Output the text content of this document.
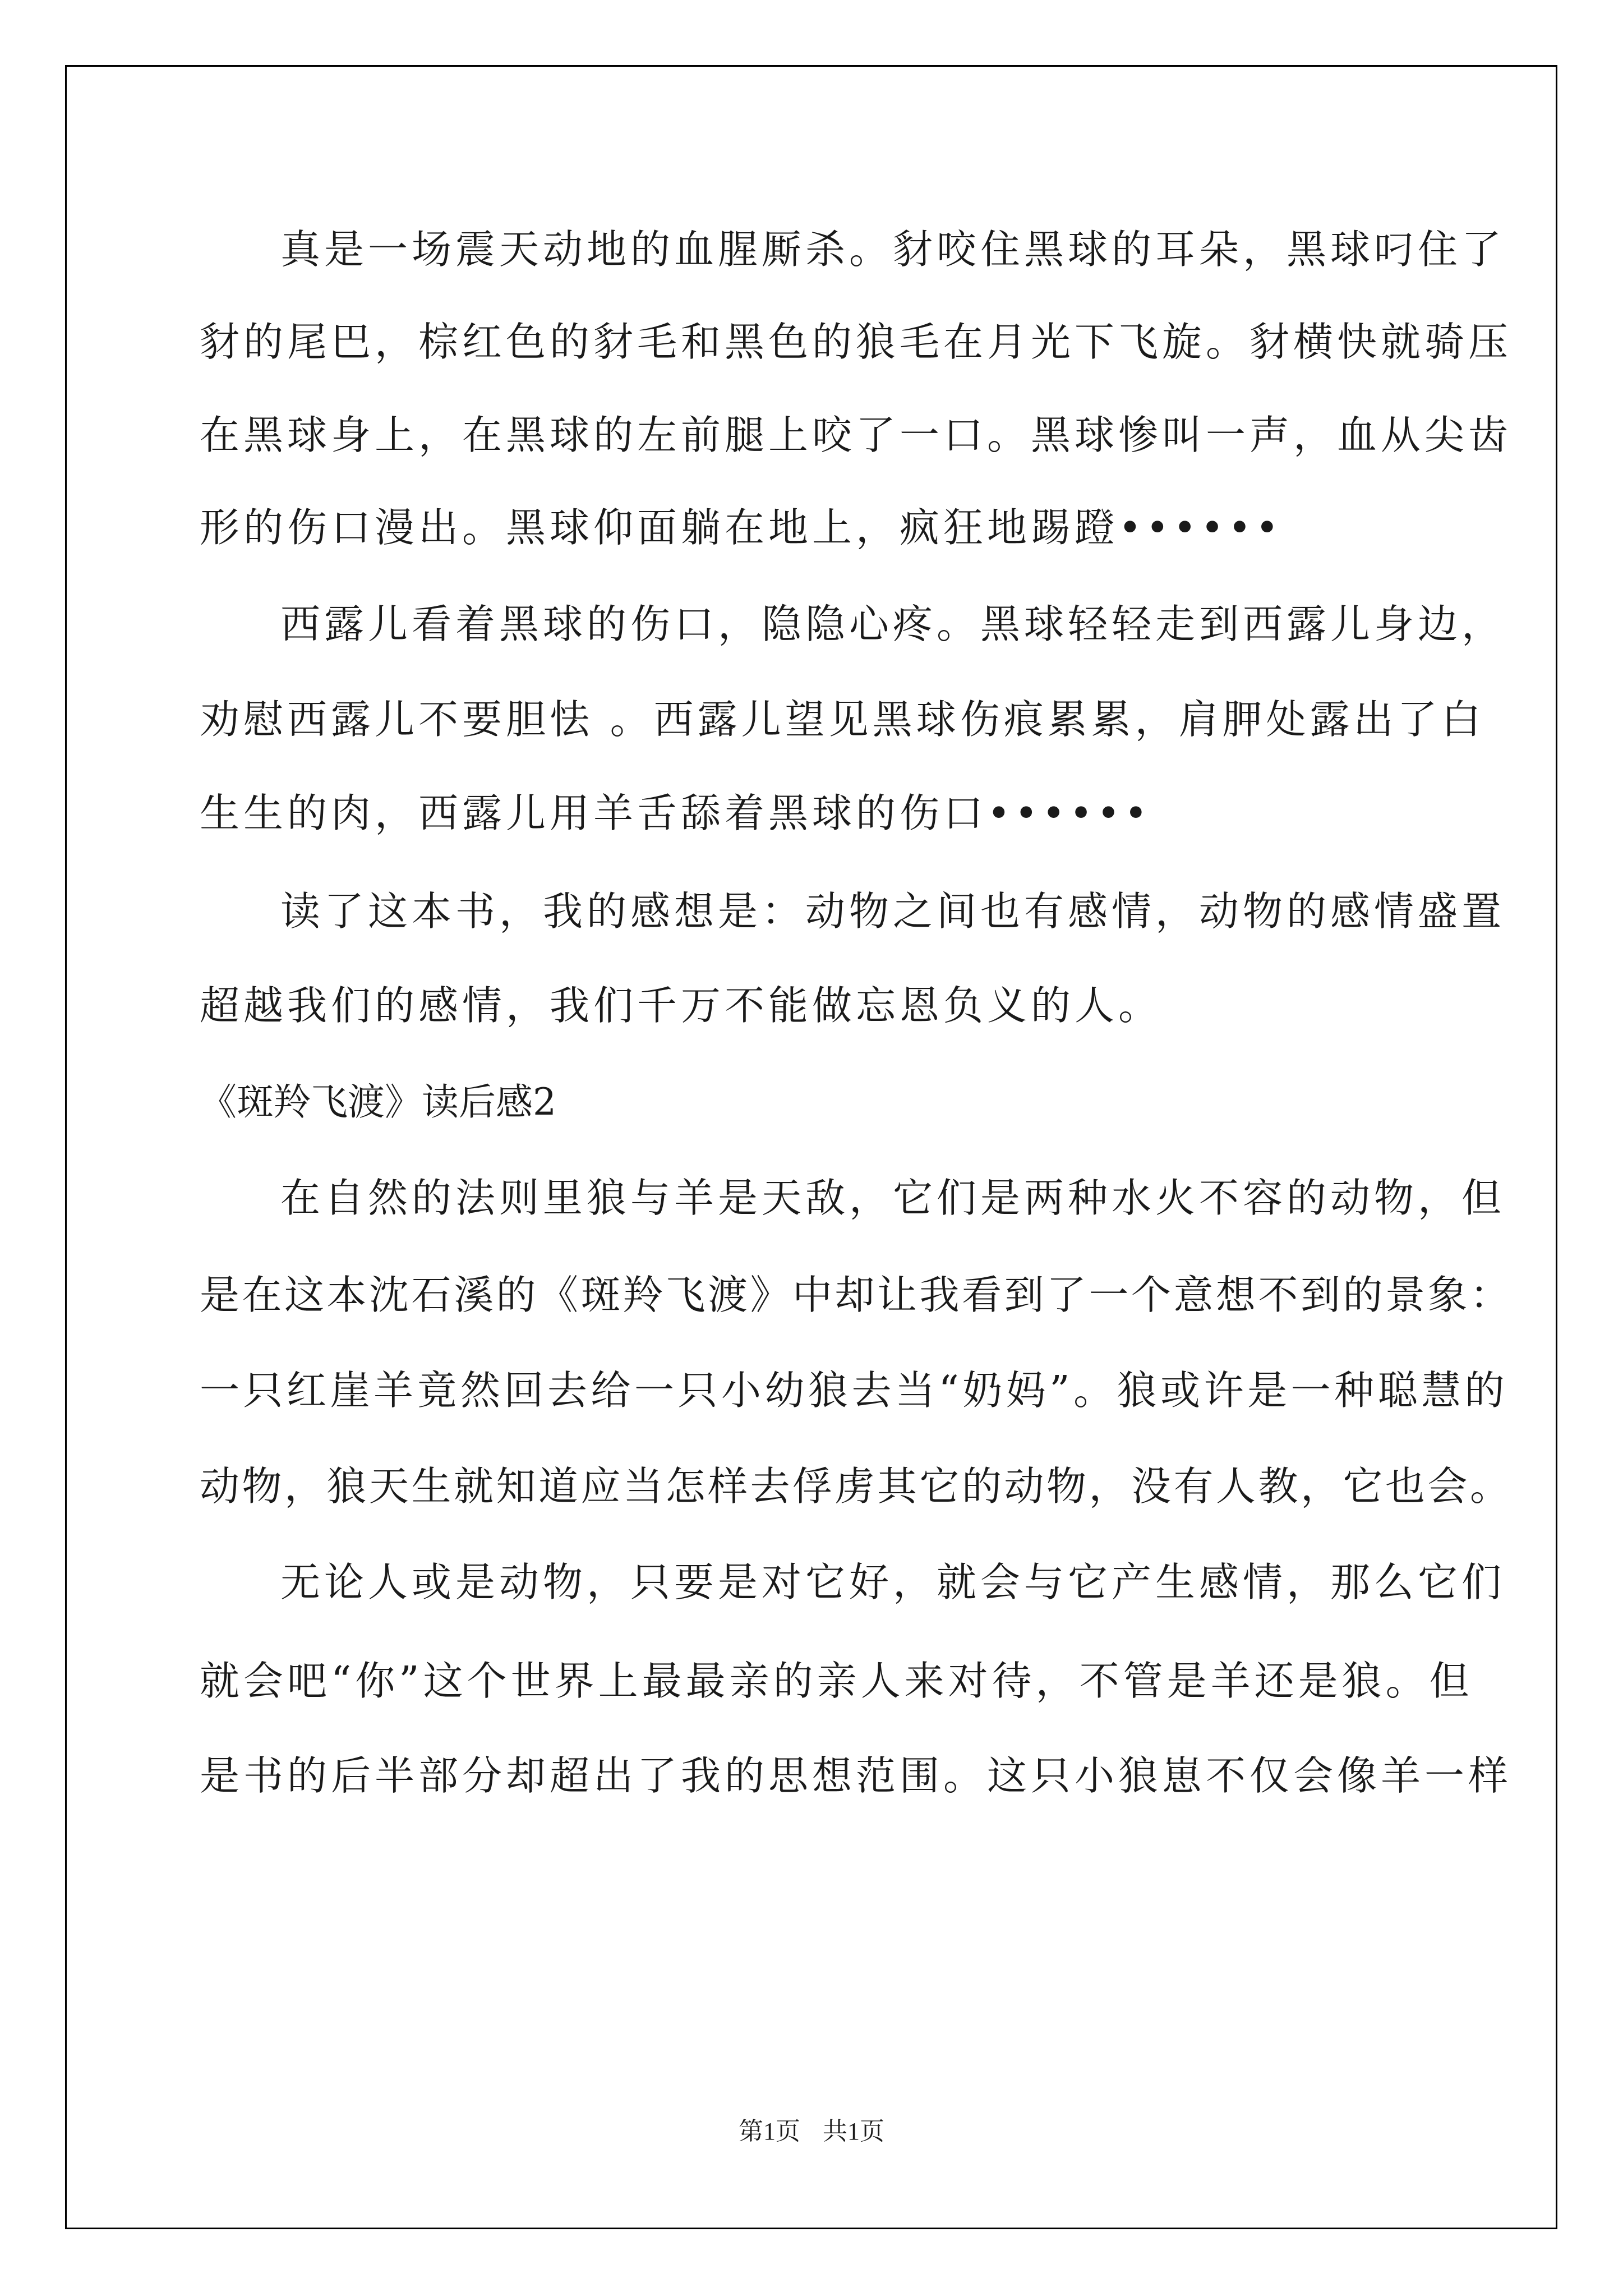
真是一场震天动地的血腥厮杀。豺咬住黑球的耳朵，黑球叼住了
豺的尾巴，棕红色的豺毛和黑色的狼毛在月光下飞旋。豺横快就骑压
在黑球身上，在黑球的左前腿上咬了一口。黑球惨叫一声，血从尖齿
形的伤口漫出。黑球仰面躺在地上，疯狂地踢蹬••••••
西露儿看着黑球的伤口，隐隐心疼。黑球轻轻走到西露儿身边，
劝慰西露儿不要胆怯 。西露儿望见黑球伤痕累累，肩胛处露出了白
生生的肉，西露儿用羊舌舔着黑球的伤口••••••
读了这本书，我的感想是：动物之间也有感情，动物的感情盛置
超越我们的感情，我们千万不能做忘恩负义的人。
《斑羚飞渡》读后感2
在自然的法则里狼与羊是天敌，它们是两种水火不容的动物，但
是在这本沈石溪的《斑羚飞渡》中却让我看到了一个意想不到的景象：
一只红崖羊竟然回去给一只小幼狼去当“奶妈”。狼或许是一种聪慧的
动物，狼天生就知道应当怎样去俘虏其它的动物，没有人教，它也会。
无论人或是动物，只要是对它好，就会与它产生感情，那么它们
就会吧“你”这个世界上最最亲的亲人来对待，不管是羊还是狼。但
是书的后半部分却超出了我的思想范围。这只小狼崽不仅会像羊一样
第1页 共1页
